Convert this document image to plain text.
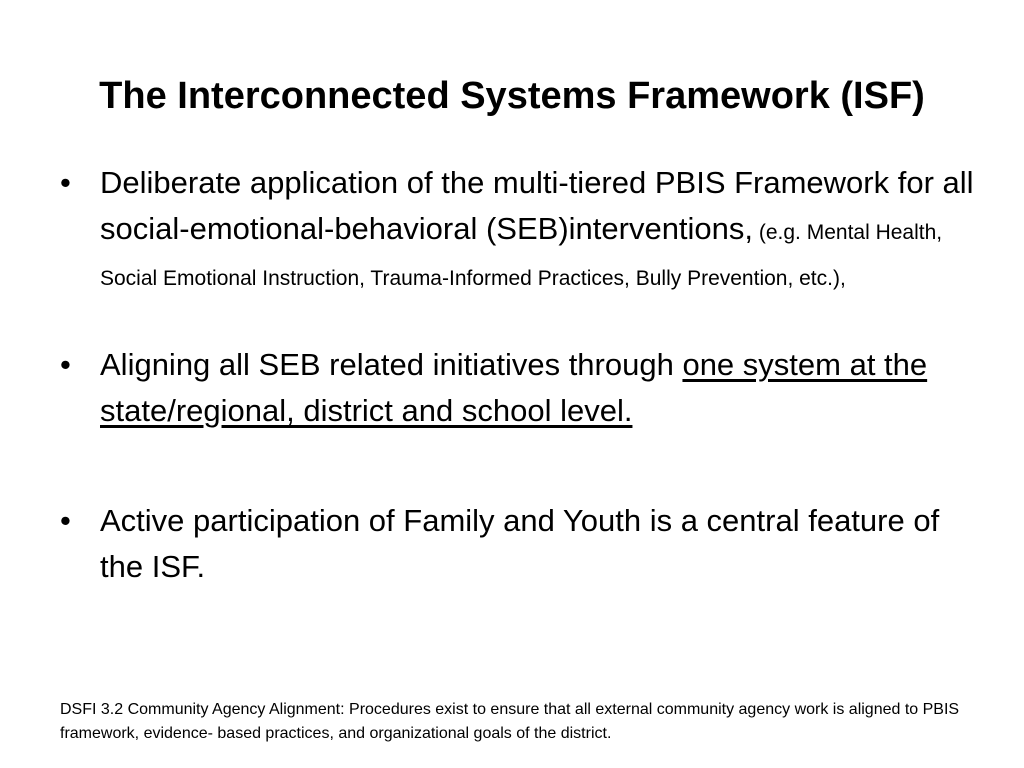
The Interconnected Systems Framework (ISF)
• Deliberate application of the multi-tiered PBIS Framework for all social-emotional-behavioral (SEB)interventions, (e.g. Mental Health, Social Emotional Instruction, Trauma-Informed Practices, Bully Prevention, etc.),
• Aligning all SEB related initiatives through one system at the state/regional, district and school level.
• Active participation of Family and Youth is a central feature of the ISF.
DSFI 3.2 Community Agency Alignment: Procedures exist to ensure that all external community agency work is aligned to PBIS framework, evidence- based practices, and organizational goals of the district.
